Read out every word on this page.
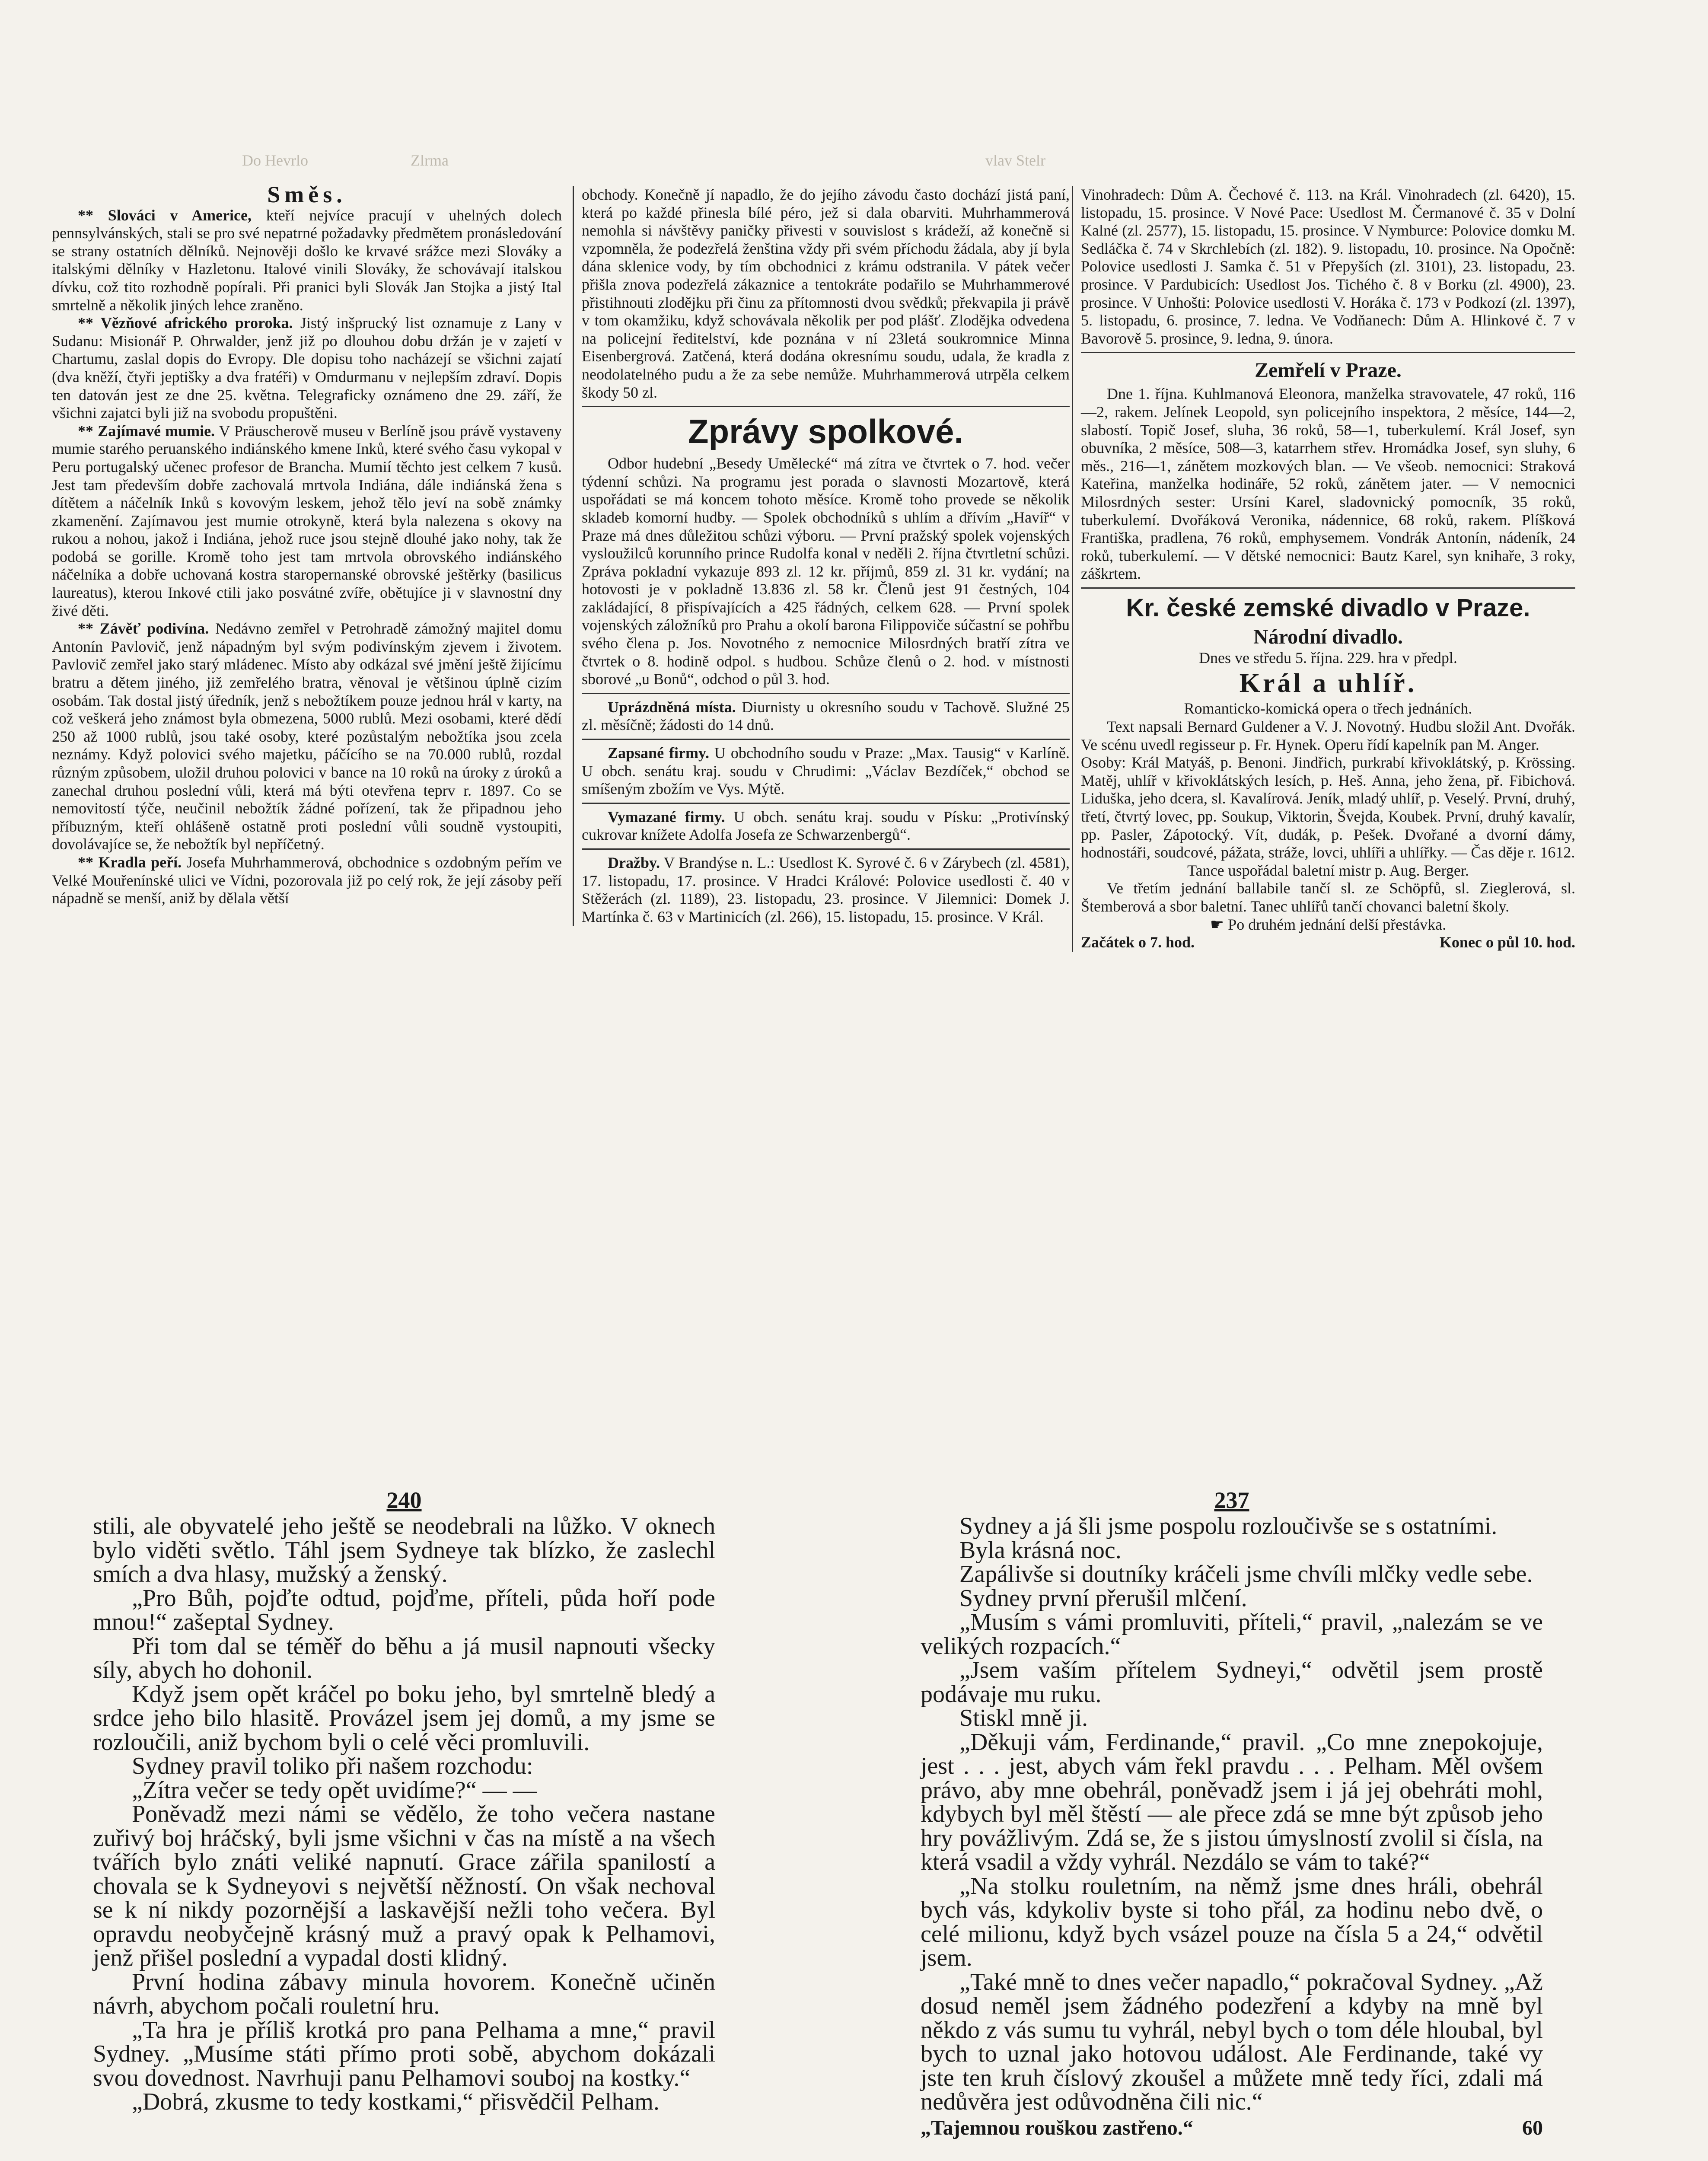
Do Hevrlo	Zlrma	vlav Stelr
Směs.

** Slováci v Americe, kteří nejvíce pracují v uhelných dolech pennsylvánských, stali se pro své nepatrné požadavky předmětem pronásledování se strany ostatních dělníků. Nejnověji došlo ke krvavé srážce mezi Slováky a italskými dělníky v Hazletonu. Italové vinili Slováky, že schovávají italskou dívku, což tito rozhodně popírali. Při pranici byli Slovák Jan Stojka a jistý Ital smrtelně a několik jiných lehce zraněno.

** Vězňové afrického proroka. Jistý inšprucký list oznamuje z Lany v Sudanu: Misionář P. Ohrwalder, jenž již po dlouhou dobu držán je v zajetí v Chartumu, zaslal dopis do Evropy. Dle dopisu toho nacházejí se všichni zajatí (dva kněží, čtyři jeptišky a dva fratéři) v Omdurmanu v nejlepším zdraví. Dopis ten datován jest ze dne 25. května. Telegraficky oznámeno dne 29. září, že všichni zajatci byli již na svobodu propuštěni.

** Zajímavé mumie. V Präuscherově museu v Berlíně jsou právě vystaveny mumie starého peruanského indiánského kmene Inků, které svého času vykopal v Peru portugalský učenec profesor de Brancha. Mumií těchto jest celkem 7 kusů. Jest tam především dobře zachovalá mrtvola Indiána, dále indiánská žena s dítětem a náčelník Inků s kovovým leskem, jehož tělo jeví na sobě známky zkamenění. Zajímavou jest mumie otrokyně, která byla nalezena s okovy na rukou a nohou, jakož i Indiána, jehož ruce jsou stejně dlouhé jako nohy, tak že podobá se gorille. Kromě toho jest tam mrtvola obrovského indiánského náčelníka a dobře uchovaná kostra staropernanské obrovské ještěrky (basilicus laureatus), kterou Inkové ctili jako posvátné zvíře, obětujíce ji v slavnostní dny živé děti.

** Závěť podivína. Nedávno zemřel v Petrohradě zámožný majitel domu Antonín Pavlovič, jenž nápadným byl svým podivínským zjevem i životem. Pavlovič zemřel jako starý mládenec. Místo aby odkázal své jmění ještě žijícímu bratru a dětem jiného, již zemřelého bratra, věnoval je většinou úplně cizím osobám. Tak dostal jistý úředník, jenž s nebožtíkem pouze jednou hrál v karty, na což veškerá jeho známost byla obmezena, 5000 rublů. Mezi osobami, které dědí 250 až 1000 rublů, jsou také osoby, které pozůstalým nebožtíka jsou zcela neznámy. Když polovici svého majetku, páčícího se na 70.000 rublů, rozdal různým způsobem, uložil druhou polovici v bance na 10 roků na úroky z úroků a zanechal druhou poslední vůli, která má býti otevřena teprv r. 1897. Co se nemovitostí týče, neučinil nebožtík žádné pořízení, tak že připadnou jeho příbuzným, kteří ohlášeně ostatně proti poslední vůli soudně vystoupiti, dovolávajíce se, že nebožtík byl nepříčetný.

** Kradla peří. Josefa Muhrhammerová, obchodnice s ozdobným peřím ve Velké Mouřenínské ulici ve Vídni, pozorovala již po celý rok, že její zásoby peří nápadně se menší, aniž by dělala větší

obchody. Konečně jí napadlo, že do jejího závodu často dochází jistá paní, která po každé přinesla bílé péro, jež si dala obarviti. Muhrhammerová nemohla si návštěvy paničky přivesti v souvislost s krádeží, až konečně si vzpomněla, že podezřelá ženština vždy při svém příchodu žádala, aby jí byla dána sklenice vody, by tím obchodnici z krámu odstranila. V pátek večer přišla znova podezřelá zákaznice a tentokráte podařilo se Muhrhammerové přistihnouti zlodějku při činu za přítomnosti dvou svědků; překvapila ji právě v tom okamžiku, když schovávala několik per pod plášť. Zlodějka odvedena na policejní ředitelství, kde poznána v ní 23letá soukromnice Minna Eisenbergrová. Zatčená, která dodána okresnímu soudu, udala, že kradla z neodolatelného pudu a že za sebe nemůže. Muhrhammerová utrpěla celkem škody 50 zl.

Zprávy spolkové.

Odbor hudební „Besedy Umělecké“ má zítra ve čtvrtek o 7. hod. večer týdenní schůzi. Na programu jest porada o slavnosti Mozartově, která uspořádati se má koncem tohoto měsíce. Kromě toho provede se několik skladeb komorní hudby. — Spolek obchodníků s uhlím a dřívím „Havíř“ v Praze má dnes důležitou schůzi výboru. — První pražský spolek vojenských vysloužilců korunního prince Rudolfa konal v neděli 2. října čtvrtletní schůzi. Zpráva pokladní vykazuje 893 zl. 12 kr. příjmů, 859 zl. 31 kr. vydání; na hotovosti je v pokladně 13.836 zl. 58 kr. Členů jest 91 čestných, 104 zakládající, 8 přispívajících a 425 řádných, celkem 628. — První spolek vojenských záložníků pro Prahu a okolí barona Filippoviče súčastní se pohřbu svého člena p. Jos. Novotného z nemocnice Milosrdných bratří zítra ve čtvrtek o 8. hodině odpol. s hudbou. Schůze členů o 2. hod. v místnosti sborové „u Bonů“, odchod o půl 3. hod.

Uprázdněná místa. Diurnisty u okresního soudu v Tachově. Služné 25 zl. měsíčně; žádosti do 14 dnů.

Zapsané firmy. U obchodního soudu v Praze: „Max. Tausig“ v Karlíně. U obch. senátu kraj. soudu v Chrudimi: „Václav Bezdíček,“ obchod se smíšeným zbožím ve Vys. Mýtě.

Vymazané firmy. U obch. senátu kraj. soudu v Písku: „Protivínský cukrovar knížete Adolfa Josefa ze Schwarzenbergů“.

Dražby. V Brandýse n. L.: Usedlost K. Syrové č. 6 v Zárybech (zl. 4581), 17. listopadu, 17. prosince. V Hradci Králové: Polovice usedlosti č. 40 v Stěžerách (zl. 1189), 23. listopadu, 23. prosince. V Jilemnici: Domek J. Martínka č. 63 v Martinicích (zl. 266), 15. listopadu, 15. prosince. V Král.

Vinohradech: Dům A. Čechové č. 113. na Král. Vinohradech (zl. 6420), 15. listopadu, 15. prosince. V Nové Pace: Usedlost M. Čermanové č. 35 v Dolní Kalné (zl. 2577), 15. listopadu, 15. prosince. V Nymburce: Polovice domku M. Sedláčka č. 74 v Skrchlebích (zl. 182). 9. listopadu, 10. prosince. Na Opočně: Polovice usedlosti J. Samka č. 51 v Přepyších (zl. 3101), 23. listopadu, 23. prosince. V Pardubicích: Usedlost Jos. Tichého č. 8 v Borku (zl. 4900), 23. prosince. V Unhošti: Polovice usedlosti V. Horáka č. 173 v Podkozí (zl. 1397), 5. listopadu, 6. prosince, 7. ledna. Ve Vodňanech: Dům A. Hlinkové č. 7 v Bavorově 5. prosince, 9. ledna, 9. února.

Zemřelí v Praze.

Dne 1. října. Kuhlmanová Eleonora, manželka stravovatele, 47 roků, 116—2, rakem. Jelínek Leopold, syn policejního inspektora, 2 měsíce, 144—2, slabostí. Topič Josef, sluha, 36 roků, 58—1, tuberkulemí. Král Josef, syn obuvníka, 2 měsíce, 508—3, katarrhem střev. Hromádka Josef, syn sluhy, 6 měs., 216—1, zánětem mozkových blan. — Ve všeob. nemocnici: Straková Kateřina, manželka hodináře, 52 roků, zánětem jater. — V nemocnici Milosrdných sester: Ursíni Karel, sladovnický pomocník, 35 roků, tuberkulemí. Dvořáková Veronika, nádennice, 68 roků, rakem. Plíšková Františka, pradlena, 76 roků, emphysemem. Vondrák Antonín, nádeník, 24 roků, tuberkulemí. — V dětské nemocnici: Bautz Karel, syn knihaře, 3 roky, záškrtem.

Kr. české zemské divadlo v Praze.
Národní divadlo.
Dnes ve středu 5. října. 229. hra v předpl.
Král a uhlíř.
Romanticko-komická opera o třech jednáních.

Text napsali Bernard Guldener a V. J. Novotný. Hudbu složil Ant. Dvořák. Ve scénu uvedl regisseur p. Fr. Hynek. Operu řídí kapelník pan M. Anger.

Osoby: Král Matyáš, p. Benoni. Jindřich, purkrabí křivoklátský, p. Krössing. Matěj, uhlíř v křivoklátských lesích, p. Heš. Anna, jeho žena, př. Fibichová. Liduška, jeho dcera, sl. Kavalírová. Jeník, mladý uhlíř, p. Veselý. První, druhý, třetí, čtvrtý lovec, pp. Soukup, Viktorin, Švejda, Koubek. První, druhý kavalír, pp. Pasler, Zápotocký. Vít, dudák, p. Pešek. Dvořané a dvorní dámy, hodnostáři, soudcové, pážata, stráže, lovci, uhlíři a uhlířky. — Čas děje r. 1612.

Tance uspořádal baletní mistr p. Aug. Berger.

Ve třetím jednání ballabile tančí sl. ze Schöpfů, sl. Zieglerová, sl. Štemberová a sbor baletní. Tanec uhlířů tančí chovanci baletní školy.

☛ Po druhém jednání delší přestávka.
Začátek o 7. hod.	Konec o půl 10. hod.
240

stili, ale obyvatelé jeho ještě se neodebrali na lůžko. V oknech bylo viděti světlo. Táhl jsem Sydneye tak blízko, že zaslechl smích a dva hlasy, mužský a ženský.

„Pro Bůh, pojďte odtud, pojďme, příteli, půda hoří pode mnou!“ zašeptal Sydney.

Při tom dal se téměř do běhu a já musil napnouti všecky síly, abych ho dohonil.

Když jsem opět kráčel po boku jeho, byl smrtelně bledý a srdce jeho bilo hlasitě. Provázel jsem jej domů, a my jsme se rozloučili, aniž bychom byli o celé věci promluvili.

Sydney pravil toliko při našem rozchodu:

„Zítra večer se tedy opět uvidíme?“ — —

Poněvadž mezi námi se vědělo, že toho večera nastane zuřivý boj hráčský, byli jsme všichni v čas na místě a na všech tvářích bylo znáti veliké napnutí. Grace zářila spanilostí a chovala se k Sydneyovi s největší něžností. On však nechoval se k ní nikdy pozornější a laskavější nežli toho večera. Byl opravdu neobyčejně krásný muž a pravý opak k Pelhamovi, jenž přišel poslední a vypadal dosti klidný.

První hodina zábavy minula hovorem. Konečně učiněn návrh, abychom počali rouletní hru.

„Ta hra je příliš krotká pro pana Pelhama a mne,“ pravil Sydney. „Musíme státi přímo proti sobě, abychom dokázali svou dovednost. Navrhuji panu Pelhamovi souboj na kostky.“

„Dobrá, zkusme to tedy kostkami,“ přisvědčil Pelham.

237

Sydney a já šli jsme pospolu rozloučivše se s ostatními.

Byla krásná noc.

Zapálivše si doutníky kráčeli jsme chvíli mlčky vedle sebe.

Sydney první přerušil mlčení.

„Musím s vámi promluviti, příteli,“ pravil, „nalezám se ve velikých rozpacích.“

„Jsem vaším přítelem Sydneyi,“ odvětil jsem prostě podávaje mu ruku.

Stiskl mně ji.

„Děkuji vám, Ferdinande,“ pravil. „Co mne znepokojuje, jest . . . jest, abych vám řekl pravdu . . . Pelham. Měl ovšem právo, aby mne obehrál, poněvadž jsem i já jej obehráti mohl, kdybych byl měl štěstí — ale přece zdá se mne být způsob jeho hry povážlivým. Zdá se, že s jistou úmyslností zvolil si čísla, na která vsadil a vždy vyhrál. Nezdálo se vám to také?“

„Na stolku rouletním, na němž jsme dnes hráli, obehrál bych vás, kdykoliv byste si toho přál, za hodinu nebo dvě, o celé milionu, když bych vsázel pouze na čísla 5 a 24,“ odvětil jsem.

„Také mně to dnes večer napadlo,“ pokračoval Sydney. „Až dosud neměl jsem žádného podezření a kdyby na mně byl někdo z vás sumu tu vyhrál, nebyl bych o tom déle hloubal, byl bych to uznal jako hotovou událost. Ale Ferdinande, také vy jste ten kruh číslový zkoušel a můžete mně tedy říci, zdali má nedůvěra jest odůvodněna čili nic.“

„Tajemnou rouškou zastřeno.“	60
